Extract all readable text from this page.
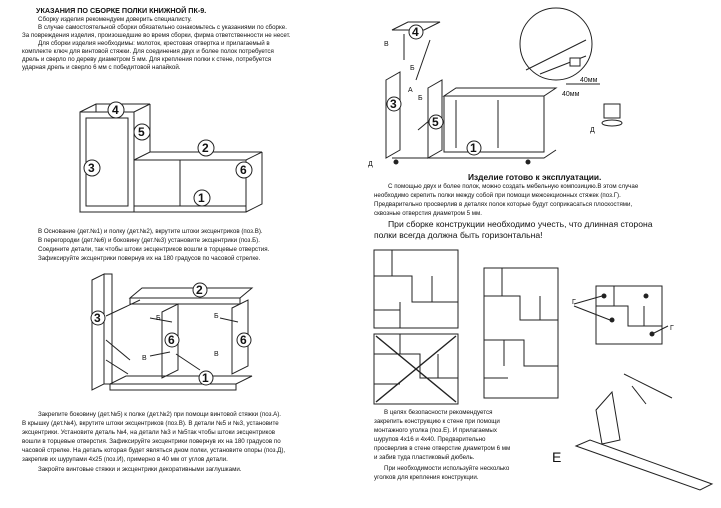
УКАЗАНИЯ ПО СБОРКЕ ПОЛКИ КНИЖНОЙ ПК-9.
Сборку изделия рекомендуем доверить специалисту.
В случае самостоятельной сборки обязательно ознакомьтесь с указаниями по сборке.
За повреждения изделия, произошедшие во время сборки, фирма ответственности не несет.
Для сборки изделия необходимы: молоток, крестовая отвертка и прилагаемый в
комплекте ключ для винтовой стяжки. Для соединения двух и более полок потребуется
дрель и сверло по дереву диаметром 5 мм. Для крепления полки к стене, потребуется
ударная дрель и сверло 6 мм с победитовой напайкой.
В Основание (дет.№1) и полку (дет.№2), вкрутите штоки эксцентриков (поз.В).
В перегородки (дет.№6) и боковину (дет.№3) установите эксцентрики (поз.Б).
Соедините детали, так чтобы штоки эксцентриков вошли в торцевые отверстия.
Зафиксируйте эксцентрики повернув их на 180 градусов по часовой стрелке.
Закрепите боковину (дет.№5) к полке (дет.№2) при помощи винтовой стяжки (поз.А).
В крышку (дет.№4), вкрутите штоки эксцентриков (поз.В). В детали №5 и №3, установите
эксцентрики. Установите деталь №4, на детали №3 и №5так чтобы штоки эксцентриков
вошли в торцевые отверстия. Зафиксируйте эксцентрики повернув их на 180 градусов по
часовой стрелке. На деталь которая будет являться дном полки, установите опоры (поз.Д),
закрепив их шурупами 4х25 (поз.И), примерно в 40 мм от углов детали.
Закройте винтовые стяжки и эксцентрики декоративными заглушками.
Изделие готово к эксплуатации.
С помощью двух и более полок, можно создать мебельную композицию.В этом случае
необходимо скрепить полки между собой при помощи межсекционных стяжек (поз.Г).
Предварительно просверлив в деталях полок которые будут соприкасаться плоскостями,
сквозные отверстия диаметром 5 мм.
При сборке конструкции необходимо учесть, что длинная сторона
полки всегда должна быть горизонтальна!
В целях безопасности рекомендуется
закрепить конструкцию к стене при помощи
монтажного уголка (поз.Е). И прилагаемых
шурупов 4х16 и 4х40. Предварительно
просверлив в стене отверстие диаметром 6 мм
и забив туда пластиковый дюбель.
При необходимости используйте несколько
уголков для крепления конструкции.
4
5
2
3	6
1
3
2
6	6
1
Б	Б
В
В
4
3
5
1
В
Б
А
Б
Д
Д
40мм
40мм
Г
Г
Е
